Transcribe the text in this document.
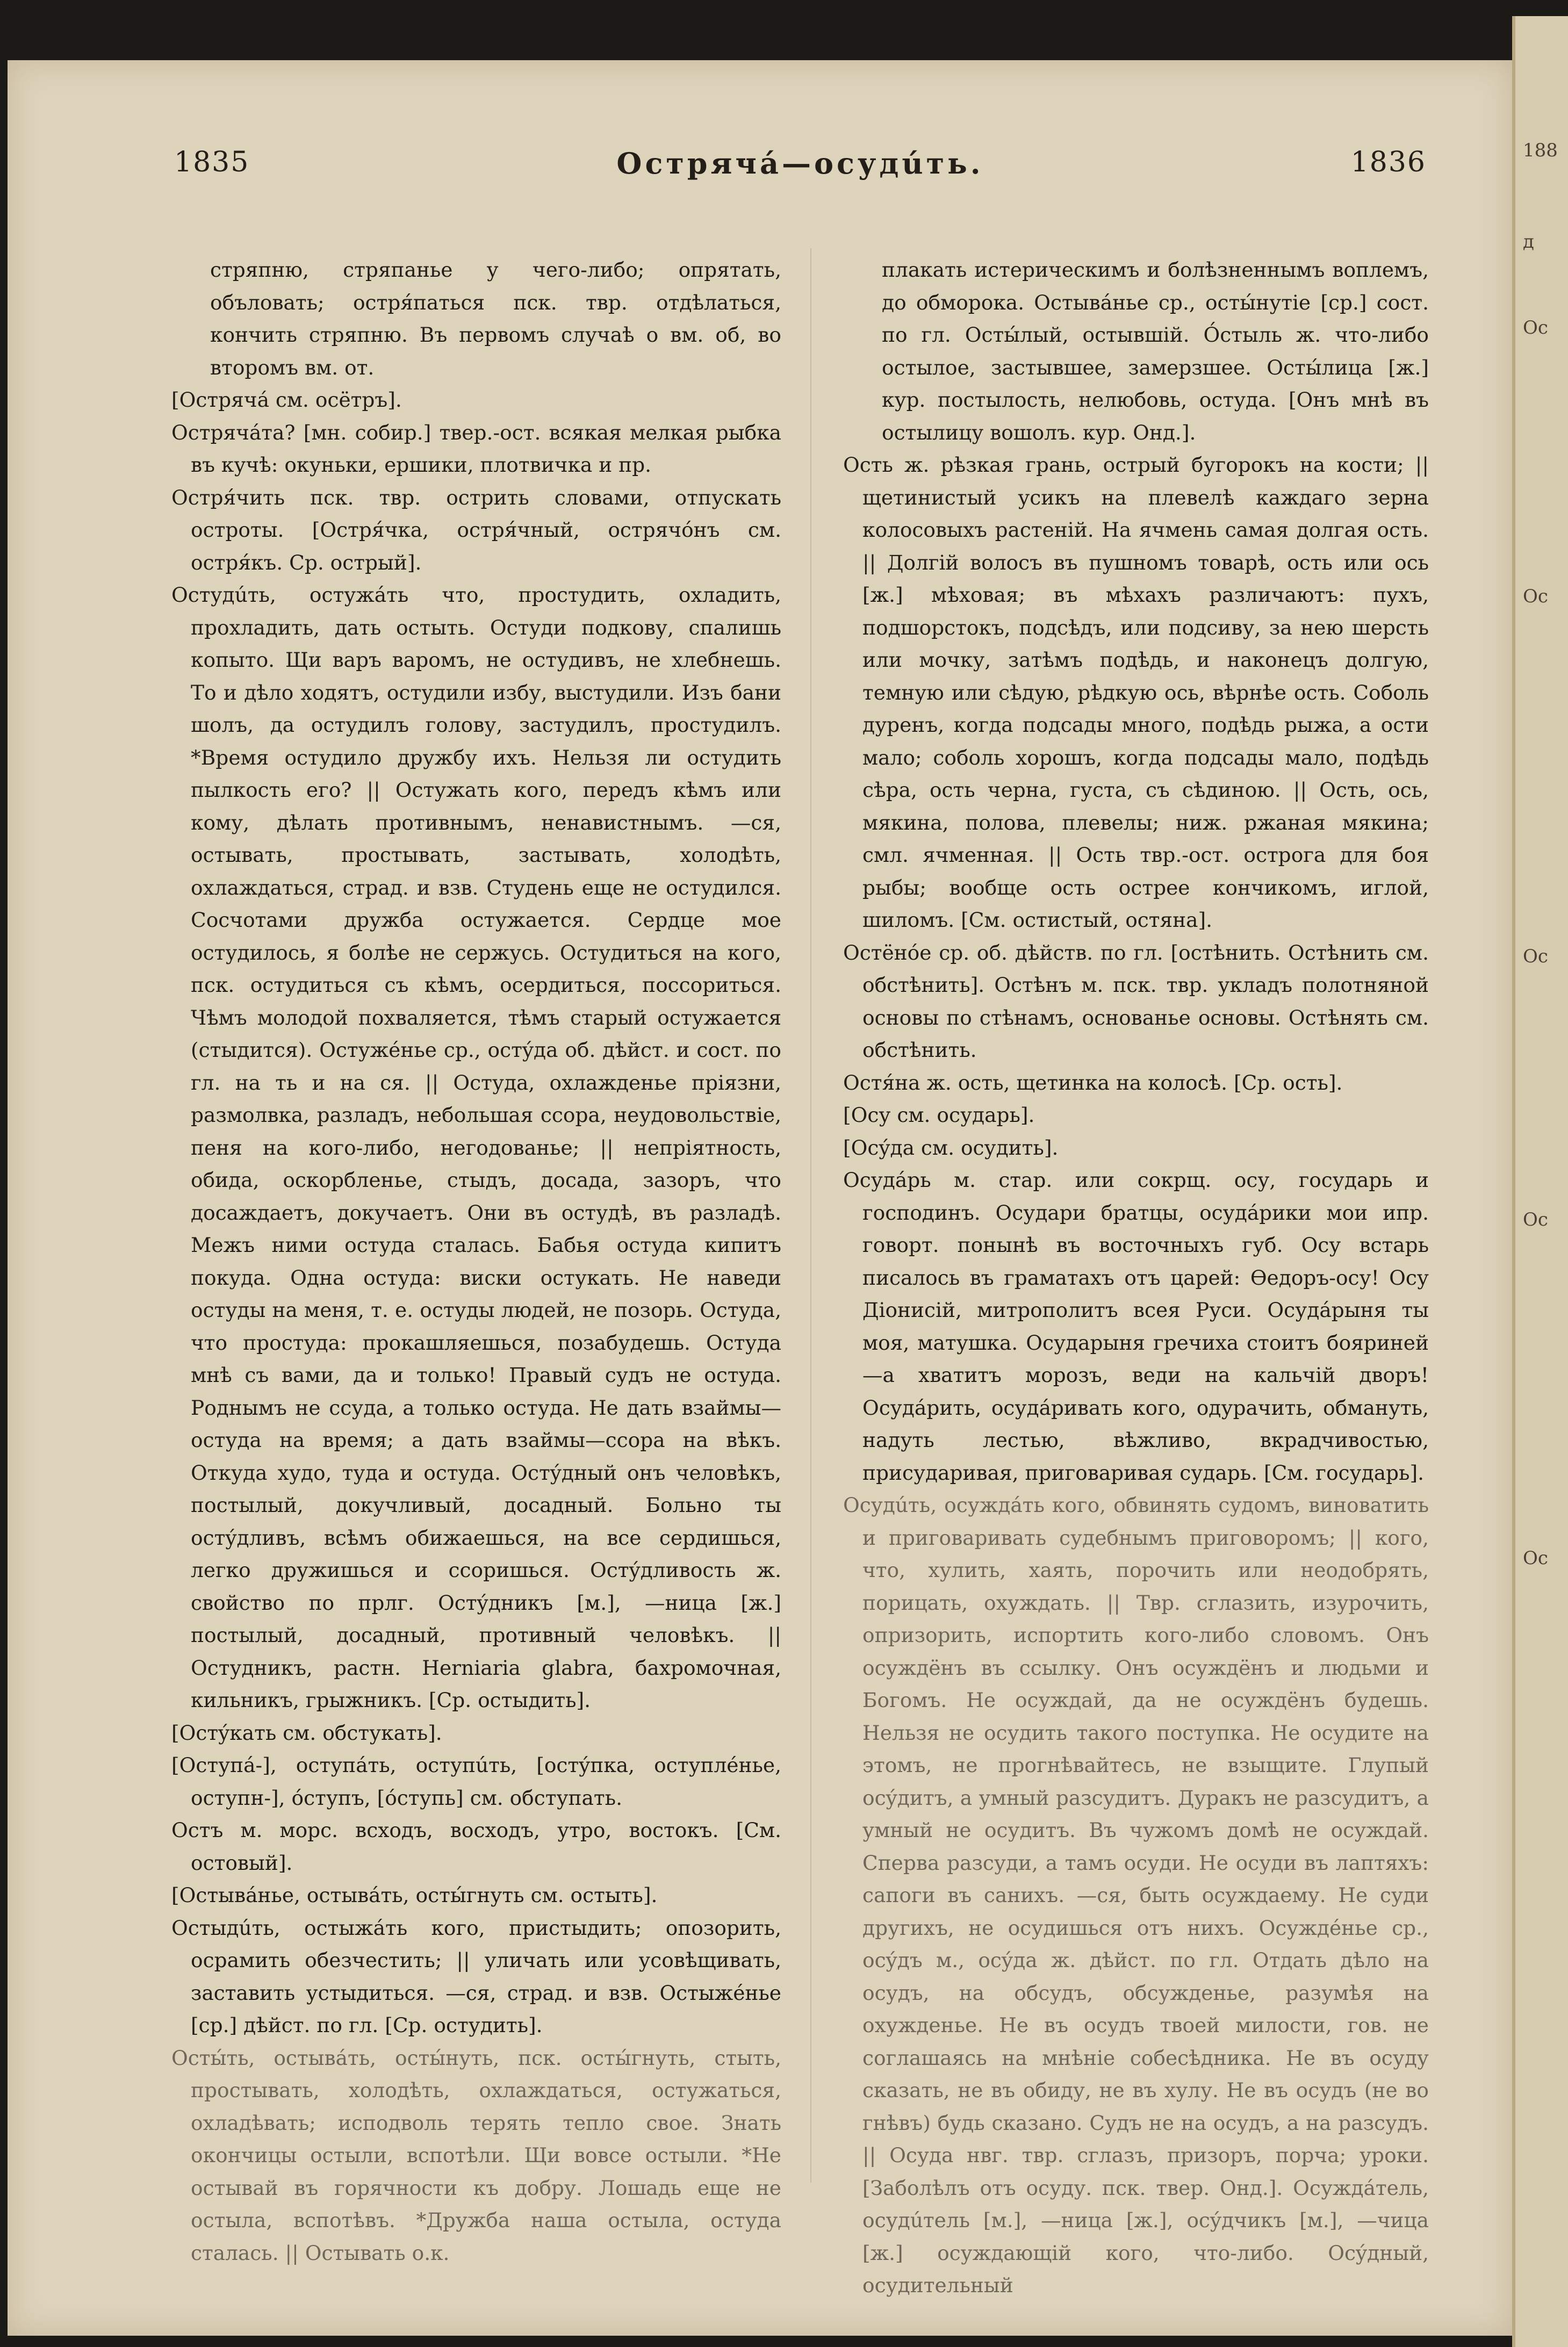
1835	Острячá—осудúть.	1836

стряпню, стряпанье у чего-либо; опрятать, объловать; остря́паться пск. твр. отдѣлаться, кончить стряпню. Въ первомъ случаѣ о вм. об, во второмъ вм. от.

[Острячá см. осётръ].

Острячáта? [мн. собир.] твер.-ост. всякая мелкая рыбка въ кучѣ: окуньки, ершики, плотвичка и пр.

Остря́чить пск. твр. острить словами, отпускать остроты. [Остря́чка, остря́чный, острячо́нъ см. остря́къ. Ср. острый].

Остудúть, остужáть что, простудить, охладить, прохладить, дать остыть. Остуди подкову, спалишь копыто. Щи варъ варомъ, не остудивъ, не хлебнешь. То и дѣло ходятъ, остудили избу, выстудили. Изъ бани шолъ, да остудилъ голову, застудилъ, простудилъ. *Время остудило дружбу ихъ. Нельзя ли остудить пылкость его? || Остужать кого, передъ кѣмъ или кому, дѣлать противнымъ, ненавистнымъ. —ся, остывать, простывать, застывать, холодѣть, охлаждаться, страд. и взв. Студень еще не остудился. Сосчотами дружба остужается. Сердце мое остудилось, я болѣе не сержусь. Остудиться на кого, пск. остудиться съ кѣмъ, осердиться, поссориться. Чѣмъ молодой похваляется, тѣмъ старый остужается (стыдится). Остужéнье ср., остýда об. дѣйст. и сост. по гл. на ть и на ся. || Остуда, охлажденье пріязни, размолвка, разладъ, небольшая ссора, неудовольствіе, пеня на кого-либо, негодованье; || непріятность, обида, оскорбленье, стыдъ, досада, зазоръ, что досаждаетъ, докучаетъ. Они въ остудѣ, въ разладѣ. Межъ ними остуда сталась. Бабья остуда кипитъ покуда. Одна остуда: виски остукать. Не наведи остуды на меня, т. е. остуды людей, не позорь. Остуда, что простуда: прокашляешься, позабудешь. Остуда мнѣ съ вами, да и только! Правый судъ не остуда. Роднымъ не ссуда, а только остуда. Не дать взаймы—остуда на время; а дать взаймы—ссора на вѣкъ. Откуда худо, туда и остуда. Остýдный онъ человѣкъ, постылый, докучливый, досадный. Больно ты остýдливъ, всѣмъ обижаешься, на все сердишься, легко дружишься и ссоришься. Остýдливость ж. свойство по прлг. Остýдникъ [м.], —ница [ж.] постылый, досадный, противный человѣкъ. || Остудникъ, растн. Herniaria glabra, бахромочная, кильникъ, грыжникъ. [Ср. остыдить].

[Остýкать см. обстукать].

[Оступá-], оступáть, оступúть, [остýпка, оступлéнье, оступн-], о́ступъ, [о́ступь] см. обступать.

Остъ м. морс. всходъ, восходъ, утро, востокъ. [См. остовый].

[Остывáнье, остывáть, осты́гнуть см. остыть].

Остыдúть, остыжáть кого, пристыдить; опозорить, осрамить обезчестить; || уличать или усовѣщивать, заставить устыдиться. —ся, страд. и взв. Остыжéнье [ср.] дѣйст. по гл. [Ср. остудить].

Осты́ть, остывáть, осты́нуть, пск. осты́гнуть, стыть, простывать, холодѣть, охлаждаться, остужаться, охладѣвать; исподволь терять тепло свое. Знать окончицы остыли, вспотѣли. Щи вовсе остыли. *Не остывай въ горячности къ добру. Лошадь еще не остыла, вспотѣвъ. *Дружба наша остыла, остуда сталась. || Остывать о.к.

плакать истерическимъ и болѣзненнымъ воплемъ, до обморока. Остывáнье ср., осты́нутіе [ср.] сост. по гл. Осты́лый, остывшій. О́стыль ж. что-либо остылое, застывшее, замерзшее. Осты́лица [ж.] кур. постылость, нелюбовь, остуда. [Онъ мнѣ въ остылицу вошолъ. кур. Онд.].

Ость ж. рѣзкая грань, острый бугорокъ на кости; || щетинистый усикъ на плевелѣ каждаго зерна колосовыхъ растеній. На ячмень самая долгая ость. || Долгій волосъ въ пушномъ товарѣ, ость или ось [ж.] мѣховая; въ мѣхахъ различаютъ: пухъ, подшорстокъ, подсѣдъ, или подсиву, за нею шерсть или мочку, затѣмъ подѣдь, и наконецъ долгую, темную или сѣдую, рѣдкую ось, вѣрнѣе ость. Соболь дуренъ, когда подсады много, подѣдь рыжа, а ости мало; соболь хорошъ, когда подсады мало, подѣдь сѣра, ость черна, густа, съ сѣдиною. || Ость, ось, мякина, полова, плевелы; ниж. ржаная мякина; смл. ячменная. || Ость твр.-ост. острога для боя рыбы; вообще ость острее кончикомъ, иглой, шиломъ. [См. остистый, остяна].

Остёнóе ср. об. дѣйств. по гл. [остѣнить. Остѣнить см. обстѣнить]. Остѣнъ м. пск. твр. укладъ полотняной основы по стѣнамъ, основанье основы. Остѣнять см. обстѣнить.

Остя́на ж. ость, щетинка на колосѣ. [Ср. ость].

[Осу см. осударь].

[Осýда см. осудить].

Осудáрь м. стар. или сокрщ. осу, государь и господинъ. Осудари братцы, осудáрики мои ипр. говорт. понынѣ въ восточныхъ губ. Осу встарь писалось въ граматахъ отъ царей: Ѳедоръ-осу! Осу Діонисій, митрополитъ всея Руси. Осудáрыня ты моя, матушка. Осударыня гречиха стоитъ бояриней—а хватитъ морозъ, веди на кальчій дворъ! Осудáрить, осудáривать кого, одурачить, обмануть, надуть лестью, вѣжливо, вкрадчивостью, присударивая, приговаривая сударь. [См. государь].

Осудúть, осуждáть кого, обвинять судомъ, виноватить и приговаривать судебнымъ приговоромъ; || кого, что, хулить, хаять, порочить или неодобрять, порицать, охуждать. || Твр. сглазить, изурочить, опризорить, испортить кого-либо словомъ. Онъ осуждёнъ въ ссылку. Онъ осуждёнъ и людьми и Богомъ. Не осуждай, да не осуждёнъ будешь. Нельзя не осудить такого поступка. Не осудите на этомъ, не прогнѣвайтесь, не взыщите. Глупый осýдитъ, а умный разсудитъ. Дуракъ не разсудитъ, а умный не осудитъ. Въ чужомъ домѣ не осуждай. Сперва разсуди, а тамъ осуди. Не осуди въ лаптяхъ: сапоги въ санихъ. —ся, быть осуждаему. Не суди другихъ, не осудишься отъ нихъ. Осуждéнье ср., осýдъ м., осýда ж. дѣйст. по гл. Отдать дѣло на осудъ, на обсудъ, обсужденье, разумѣя на охужденье. Не въ осудъ твоей милости, гов. не соглашаясь на мнѣніе собесѣдника. Не въ осуду сказать, не въ обиду, не въ хулу. Не въ осудъ (не во гнѣвъ) будь сказано. Судъ не на осудъ, а на разсудъ. || Осуда нвг. твр. сглазъ, призоръ, порча; уроки. [Заболѣлъ отъ осуду. пск. твер. Онд.]. Осуждáтель, осудúтель [м.], —ница [ж.], осýдчикъ [м.], —чица [ж.] осуждающій кого, что-либо. Осýдный, осудительный

188
д
Ос
Ос
Ос
Ос
Ос
